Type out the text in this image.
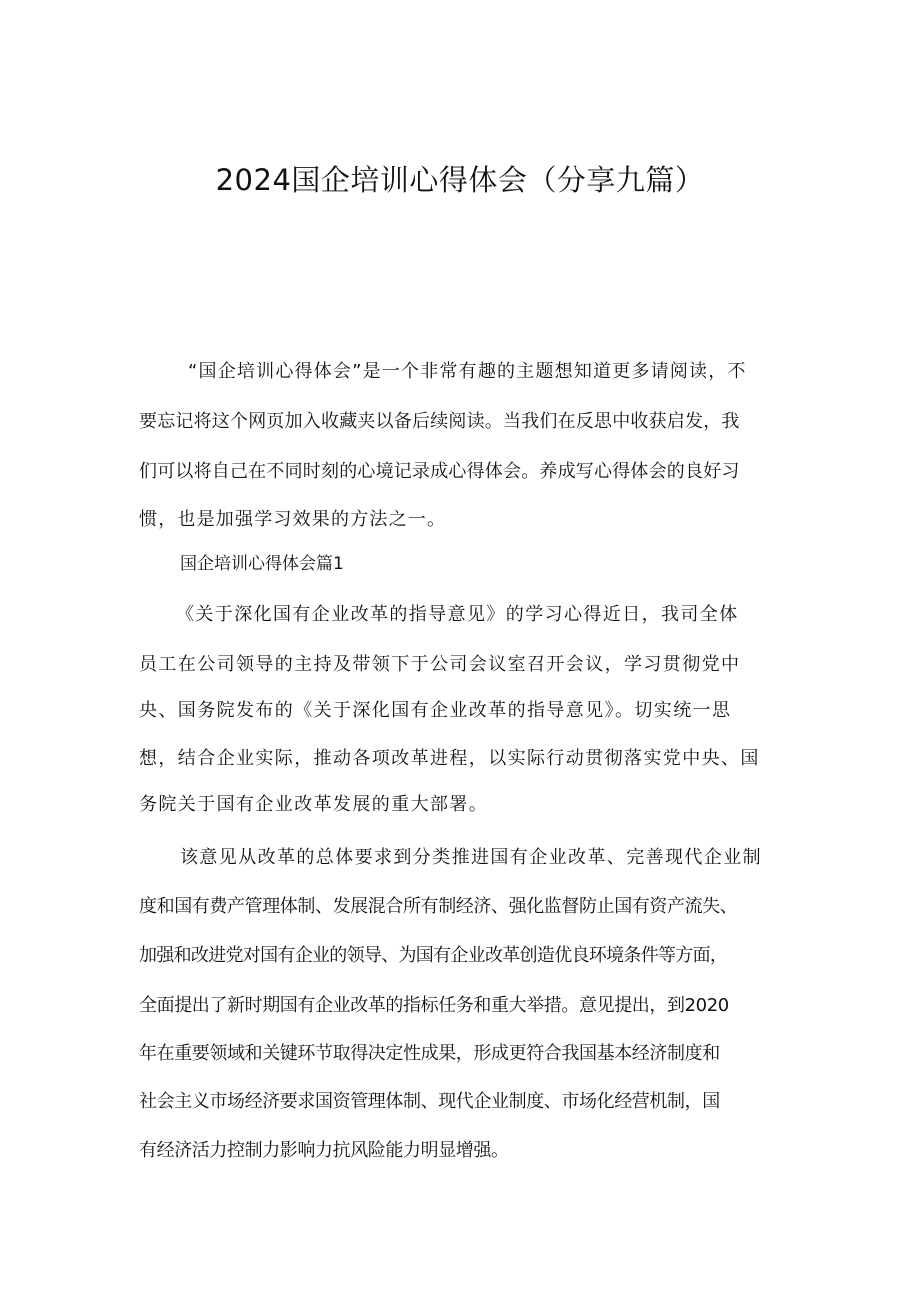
2024国企培训心得体会（分享九篇）
“国企培训心得体会”是一个非常有趣的主题想知道更多请阅读，不
要忘记将这个网页加入收藏夹以备后续阅读。当我们在反思中收获启发，我
们可以将自己在不同时刻的心境记录成心得体会。养成写心得体会的良好习
惯，也是加强学习效果的方法之一。
国企培训心得体会篇1
《关于深化国有企业改革的指导意见》的学习心得近日，我司全体
员工在公司领导的主持及带领下于公司会议室召开会议，学习贯彻党中
央、国务院发布的《关于深化国有企业改革的指导意见》。切实统一思
想，结合企业实际，推动各项改革进程，以实际行动贯彻落实党中央、国
务院关于国有企业改革发展的重大部署。
该意见从改革的总体要求到分类推进国有企业改革、完善现代企业制
度和国有费产管理体制、发展混合所有制经济、强化监督防止国有资产流失、
加强和改进党对国有企业的领导、为国有企业改革创造优良环境条件等方面，
全面提出了新时期国有企业改革的指标任务和重大举措。意见提出，到2020
年在重要领域和关键环节取得决定性成果，形成更符合我国基本经济制度和
社会主义市场经济要求国资管理体制、现代企业制度、市场化经营机制，国
有经济活力控制力影响力抗风险能力明显增强。
